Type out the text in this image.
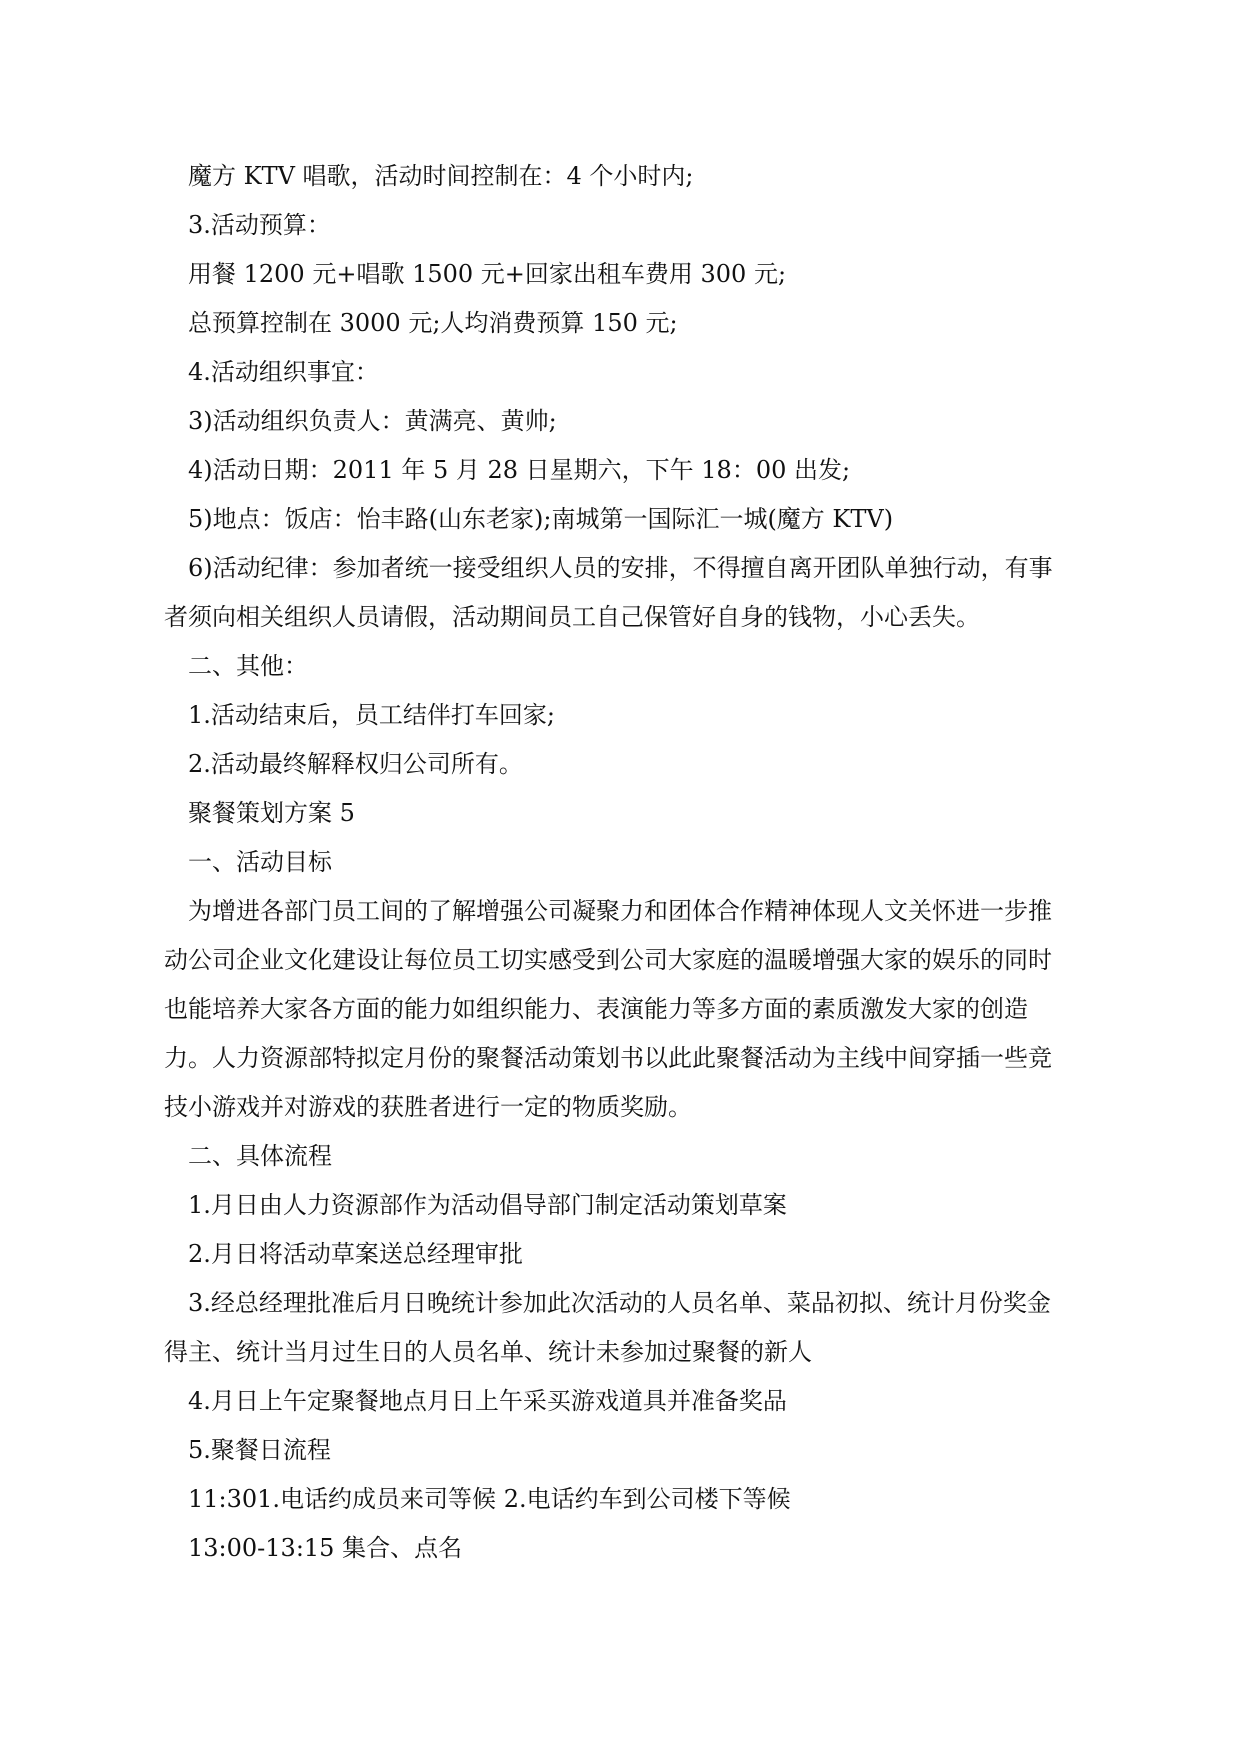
魔方 KTV 唱歌，活动时间控制在：4 个小时内;

3.活动预算：

用餐 1200 元+唱歌 1500 元+回家出租车费用 300 元;

总预算控制在 3000 元;人均消费预算 150 元;

4.活动组织事宜：

3)活动组织负责人：黄满亮、黄帅;

4)活动日期：2011 年 5 月 28 日星期六，下午 18：00 出发;

5)地点：饭店：怡丰路(山东老家);南城第一国际汇一城(魔方 KTV)

6)活动纪律：参加者统一接受组织人员的安排，不得擅自离开团队单独行动，有事者须向相关组织人员请假，活动期间员工自己保管好自身的钱物，小心丢失。

二、其他：

1.活动结束后，员工结伴打车回家;

2.活动最终解释权归公司所有。

聚餐策划方案 5

一、活动目标

为增进各部门员工间的了解增强公司凝聚力和团体合作精神体现人文关怀进一步推动公司企业文化建设让每位员工切实感受到公司大家庭的温暖增强大家的娱乐的同时也能培养大家各方面的能力如组织能力、表演能力等多方面的素质激发大家的创造力。人力资源部特拟定月份的聚餐活动策划书以此此聚餐活动为主线中间穿插一些竞技小游戏并对游戏的获胜者进行一定的物质奖励。

二、具体流程

1.月日由人力资源部作为活动倡导部门制定活动策划草案

2.月日将活动草案送总经理审批

3.经总经理批准后月日晚统计参加此次活动的人员名单、菜品初拟、统计月份奖金得主、统计当月过生日的人员名单、统计未参加过聚餐的新人

4.月日上午定聚餐地点月日上午采买游戏道具并准备奖品

5.聚餐日流程

11:301.电话约成员来司等候 2.电话约车到公司楼下等候

13:00-13:15 集合、点名
